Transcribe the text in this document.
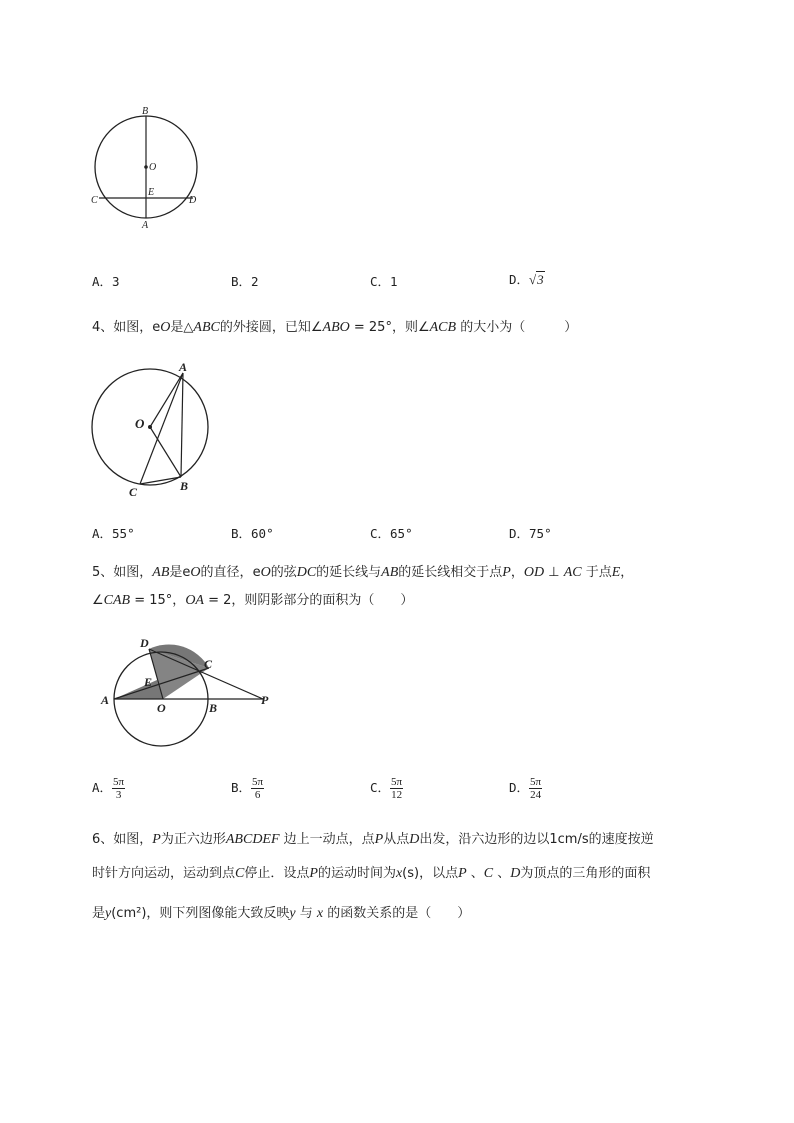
B
O
E
C	D
A
A．3	B．2	C．1	D．√3
4、如图，eO是△ABC的外接圆，已知∠ABO = 25°，则∠ACB 的大小为（　　　）
A
O
C	B
A．55°	B．60°	C．65°	D．75°
5、如图，AB是eO的直径，eO的弦DC的延长线与AB的延长线相交于点P，OD ⊥ AC 于点E，
∠CAB = 15°，OA = 2，则阴影部分的面积为（　　）
D
C
E
A
O	B
P
A． $\frac{5\pi}{3}$	B． $\frac{5\pi}{6}$	C． $\frac{5\pi}{12}$	D． $\frac{5\pi}{24}$
6、如图，P为正六边形ABCDEF 边上一动点，点P从点D出发，沿六边形的边以1cm/s的速度按逆
时针方向运动，运动到点C停止．设点P的运动时间为x(s)，以点P 、C 、D为顶点的三角形的面积
是y(cm²)，则下列图像能大致反映y 与 x 的函数关系的是（　　）
